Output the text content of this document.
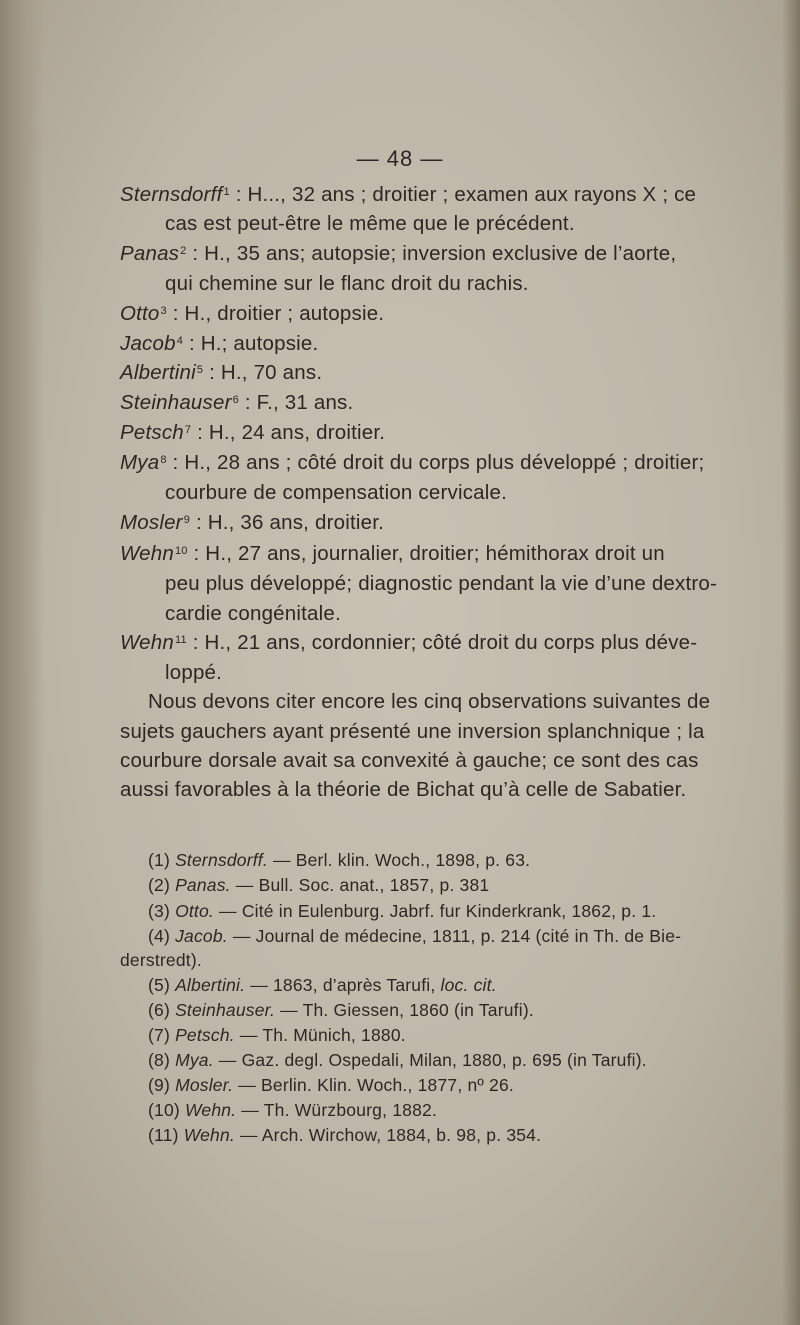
— 48 —
Sternsdorff$^1$ : H..., 32 ans ; droitier ; examen aux rayons X ; ce
cas est peut-être le même que le précédent.
Panas$^2$ : H., 35 ans; autopsie; inversion exclusive de l’aorte,
qui chemine sur le flanc droit du rachis.
Otto$^3$ : H., droitier ; autopsie.
Jacob$^4$ : H.; autopsie.
Albertini$^5$ : H., 70 ans.
Steinhauser$^6$ : F., 31 ans.
Petsch$^7$ : H., 24 ans, droitier.
Mya$^8$ : H., 28 ans ; côté droit du corps plus développé ; droitier;
courbure de compensation cervicale.
Mosler$^9$ : H., 36 ans, droitier.
Wehn$^{10}$ : H., 27 ans, journalier, droitier; hémithorax droit un
peu plus développé; diagnostic pendant la vie d’une dextro-
cardie congénitale.
Wehn$^{11}$ : H., 21 ans, cordonnier; côté droit du corps plus déve-
loppé.
Nous devons citer encore les cinq observations suivantes de
sujets gauchers ayant présenté une inversion splanchnique ; la
courbure dorsale avait sa convexité à gauche; ce sont des cas
aussi favorables à la théorie de Bichat qu’à celle de Sabatier.
(1) Sternsdorff. — Berl. klin. Woch., 1898, p. 63.
(2) Panas. — Bull. Soc. anat., 1857, p. 381
(3) Otto. — Cité in Eulenburg. Jabrf. fur Kinderkrank, 1862, p. 1.
(4) Jacob. — Journal de médecine, 1811, p. 214 (cité in Th. de Bie-
derstredt).
(5) Albertini. — 1863, d’après Tarufi, loc. cit.
(6) Steinhauser. — Th. Giessen, 1860 (in Tarufi).
(7) Petsch. — Th. Münich, 1880.
(8) Mya. — Gaz. degl. Ospedali, Milan, 1880, p. 695 (in Tarufi).
(9) Mosler. — Berlin. Klin. Woch., 1877, nº 26.
(10) Wehn. — Th. Würzbourg, 1882.
(11) Wehn. — Arch. Wirchow, 1884, b. 98, p. 354.
